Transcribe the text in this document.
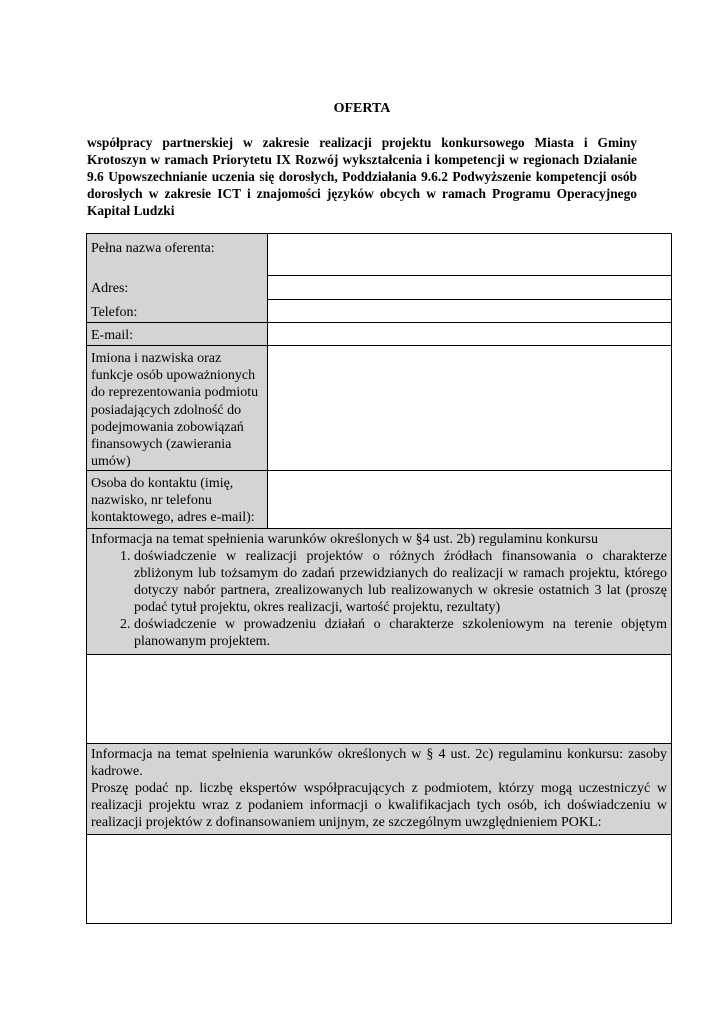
OFERTA
współpracy partnerskiej w zakresie realizacji projektu konkursowego Miasta i Gminy Krotoszyn w ramach Priorytetu IX Rozwój wykształcenia i kompetencji w regionach Działanie 9.6 Upowszechnianie uczenia się dorosłych, Poddziałania 9.6.2 Podwyższenie kompetencji osób dorosłych w zakresie ICT i znajomości języków obcych w ramach Programu Operacyjnego Kapitał Ludzki
Pełna nazwa oferenta:
Adres:
Telefon:
E-mail:
Imiona i nazwiska oraz funkcje osób upoważnionych do reprezentowania podmiotu posiadających zdolność do podejmowania zobowiązań finansowych (zawierania umów)
Osoba do kontaktu (imię, nazwisko, nr telefonu kontaktowego, adres e-mail):
Informacja na temat spełnienia warunków określonych w §4 ust. 2b) regulaminu konkursu
1. doświadczenie w realizacji projektów o różnych źródłach finansowania o charakterze zbliżonym lub tożsamym do zadań przewidzianych do realizacji w ramach projektu, którego dotyczy nabór partnera, zrealizowanych lub realizowanych w okresie ostatnich 3 lat (proszę podać tytuł projektu, okres realizacji, wartość projektu, rezultaty)
2. doświadczenie w prowadzeniu działań o charakterze szkoleniowym na terenie objętym planowanym projektem.
Informacja na temat spełnienia warunków określonych w § 4 ust. 2c) regulaminu konkursu: zasoby kadrowe.
Proszę podać np. liczbę ekspertów współpracujących z podmiotem, którzy mogą uczestniczyć w realizacji projektu wraz z podaniem informacji o kwalifikacjach tych osób, ich doświadczeniu w realizacji projektów z dofinansowaniem unijnym, ze szczególnym uwzględnieniem POKL:
